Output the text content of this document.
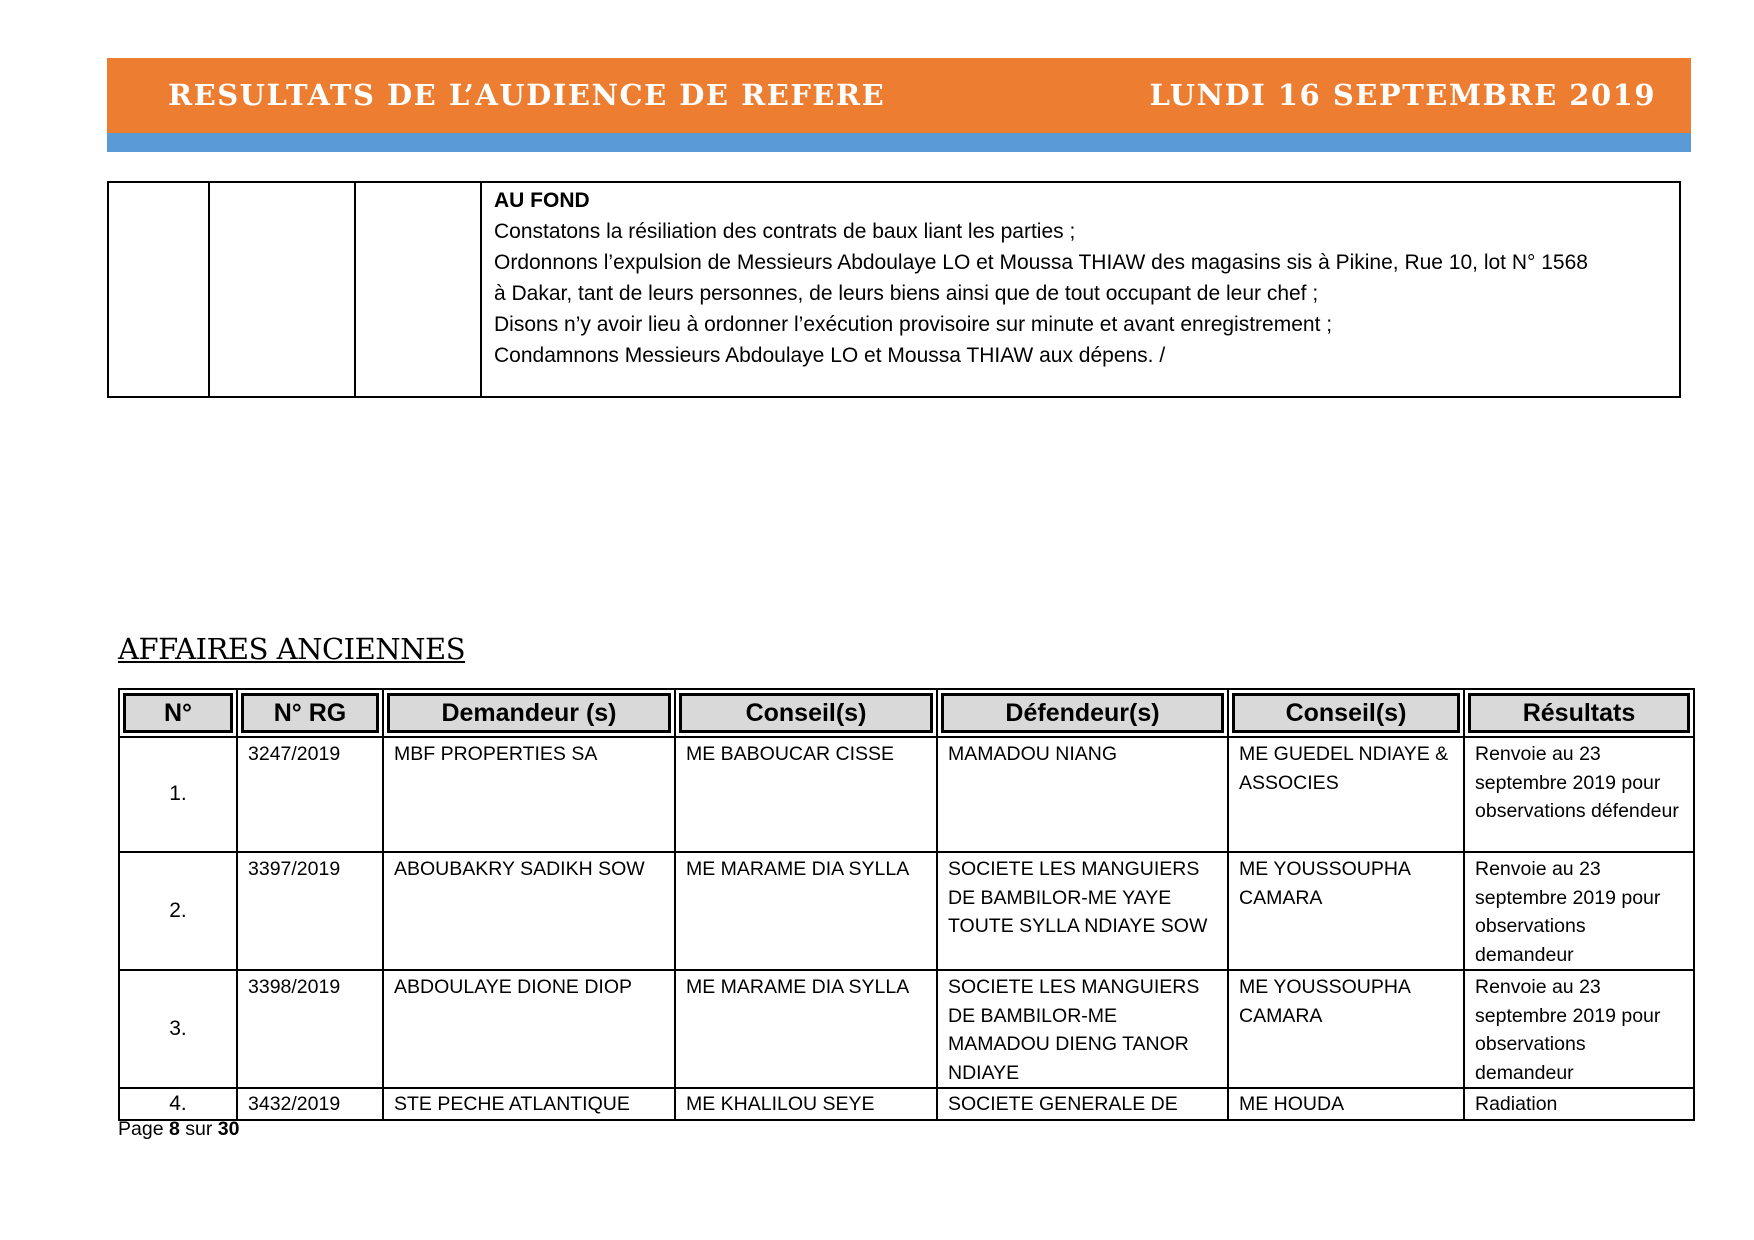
RESULTATS DE L’AUDIENCE DE REFERE	LUNDI 16 SEPTEMBRE 2019

AU FOND
Constatons la résiliation des contrats de baux liant les parties ;
Ordonnons l’expulsion de Messieurs Abdoulaye LO et Moussa THIAW des magasins sis à Pikine, Rue 10, lot N° 1568
à Dakar, tant de leurs personnes, de leurs biens ainsi que de tout occupant de leur chef ;
Disons n’y avoir lieu à ordonner l’exécution provisoire sur minute et avant enregistrement ;
Condamnons Messieurs Abdoulaye LO et Moussa THIAW aux dépens. /
AFFAIRES ANCIENNES
N°	N° RG	Demandeur (s)	Conseil(s)	Défendeur(s)	Conseil(s)	Résultats

1.	3247/2019	MBF PROPERTIES SA	ME BABOUCAR CISSE	MAMADOU NIANG	ME GUEDEL NDIAYE & ASSOCIES	Renvoie au 23 septembre 2019 pour observations défendeur
2.	3397/2019	ABOUBAKRY SADIKH SOW	ME MARAME DIA SYLLA	SOCIETE LES MANGUIERS DE BAMBILOR-ME YAYE TOUTE SYLLA NDIAYE SOW	ME YOUSSOUPHA CAMARA	Renvoie au 23 septembre 2019 pour observations demandeur
3.	3398/2019	ABDOULAYE DIONE DIOP	ME MARAME DIA SYLLA	SOCIETE LES MANGUIERS DE BAMBILOR-ME MAMADOU DIENG TANOR NDIAYE	ME YOUSSOUPHA CAMARA	Renvoie au 23 septembre 2019 pour observations demandeur
4.	3432/2019	STE PECHE ATLANTIQUE	ME KHALILOU SEYE	SOCIETE GENERALE DE	ME HOUDA	Radiation
Page 8 sur 30
